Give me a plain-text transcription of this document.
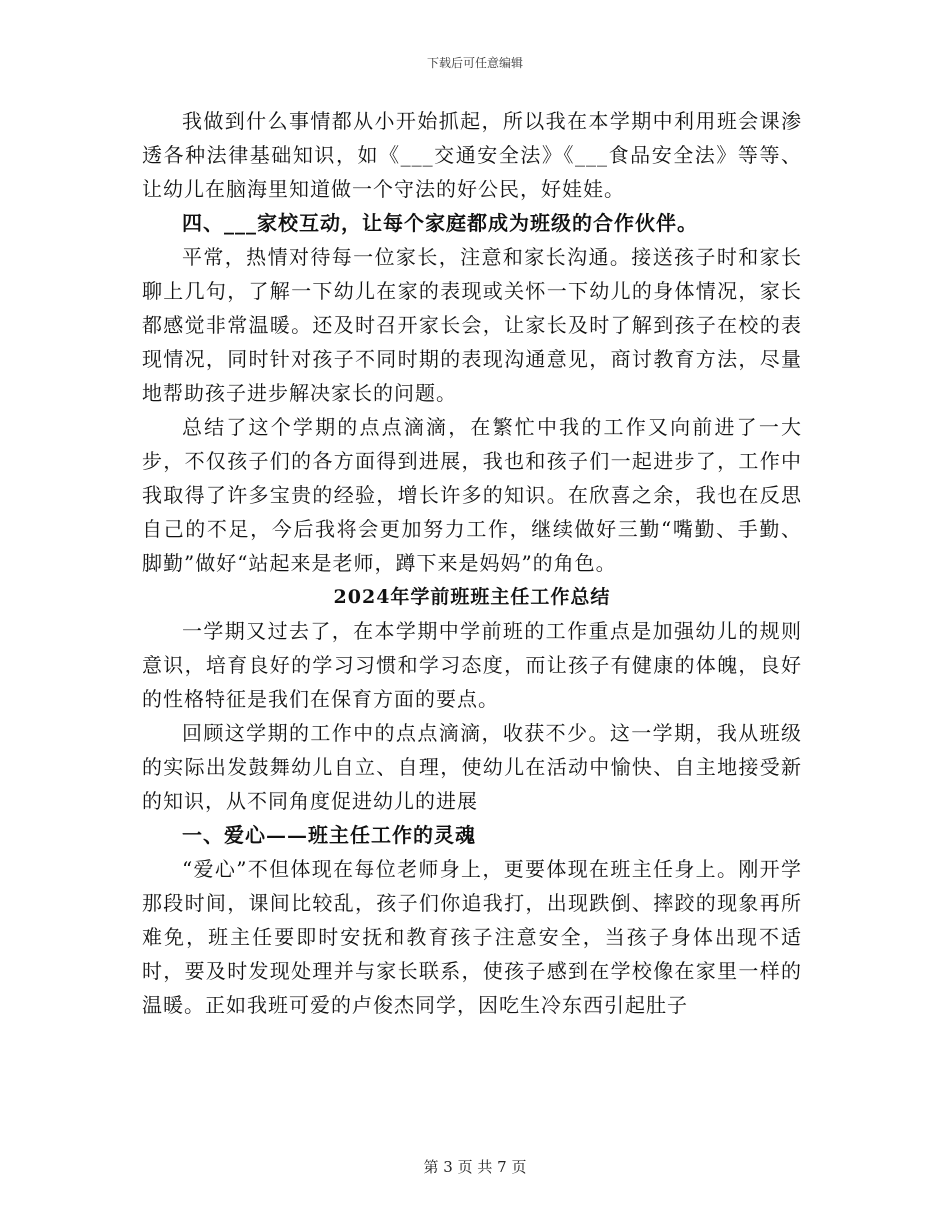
下载后可任意编辑

我做到什么事情都从小开始抓起，所以我在本学期中利用班会课渗透各种法律基础知识，如《___交通安全法》《___食品安全法》等等、让幼儿在脑海里知道做一个守法的好公民，好娃娃。

四、___家校互动，让每个家庭都成为班级的合作伙伴。

平常，热情对待每一位家长，注意和家长沟通。接送孩子时和家长聊上几句，了解一下幼儿在家的表现或关怀一下幼儿的身体情况，家长都感觉非常温暖。还及时召开家长会，让家长及时了解到孩子在校的表现情况，同时针对孩子不同时期的表现沟通意见，商讨教育方法，尽量地帮助孩子进步解决家长的问题。

总结了这个学期的点点滴滴，在繁忙中我的工作又向前进了一大步，不仅孩子们的各方面得到进展，我也和孩子们一起进步了，工作中我取得了许多宝贵的经验，增长许多的知识。在欣喜之余，我也在反思自己的不足，今后我将会更加努力工作，继续做好三勤“嘴勤、手勤、脚勤”做好“站起来是老师，蹲下来是妈妈”的角色。

2024年学前班班主任工作总结

一学期又过去了，在本学期中学前班的工作重点是加强幼儿的规则意识，培育良好的学习习惯和学习态度，而让孩子有健康的体魄，良好的性格特征是我们在保育方面的要点。

回顾这学期的工作中的点点滴滴，收获不少。这一学期，我从班级的实际出发鼓舞幼儿自立、自理，使幼儿在活动中愉快、自主地接受新的知识，从不同角度促进幼儿的进展

一、爱心——班主任工作的灵魂

“爱心”不但体现在每位老师身上，更要体现在班主任身上。刚开学那段时间，课间比较乱，孩子们你追我打，出现跌倒、摔跤的现象再所难免，班主任要即时安抚和教育孩子注意安全，当孩子身体出现不适时，要及时发现处理并与家长联系，使孩子感到在学校像在家里一样的温暖。正如我班可爱的卢俊杰同学，因吃生冷东西引起肚子

第 3 页 共 7 页
